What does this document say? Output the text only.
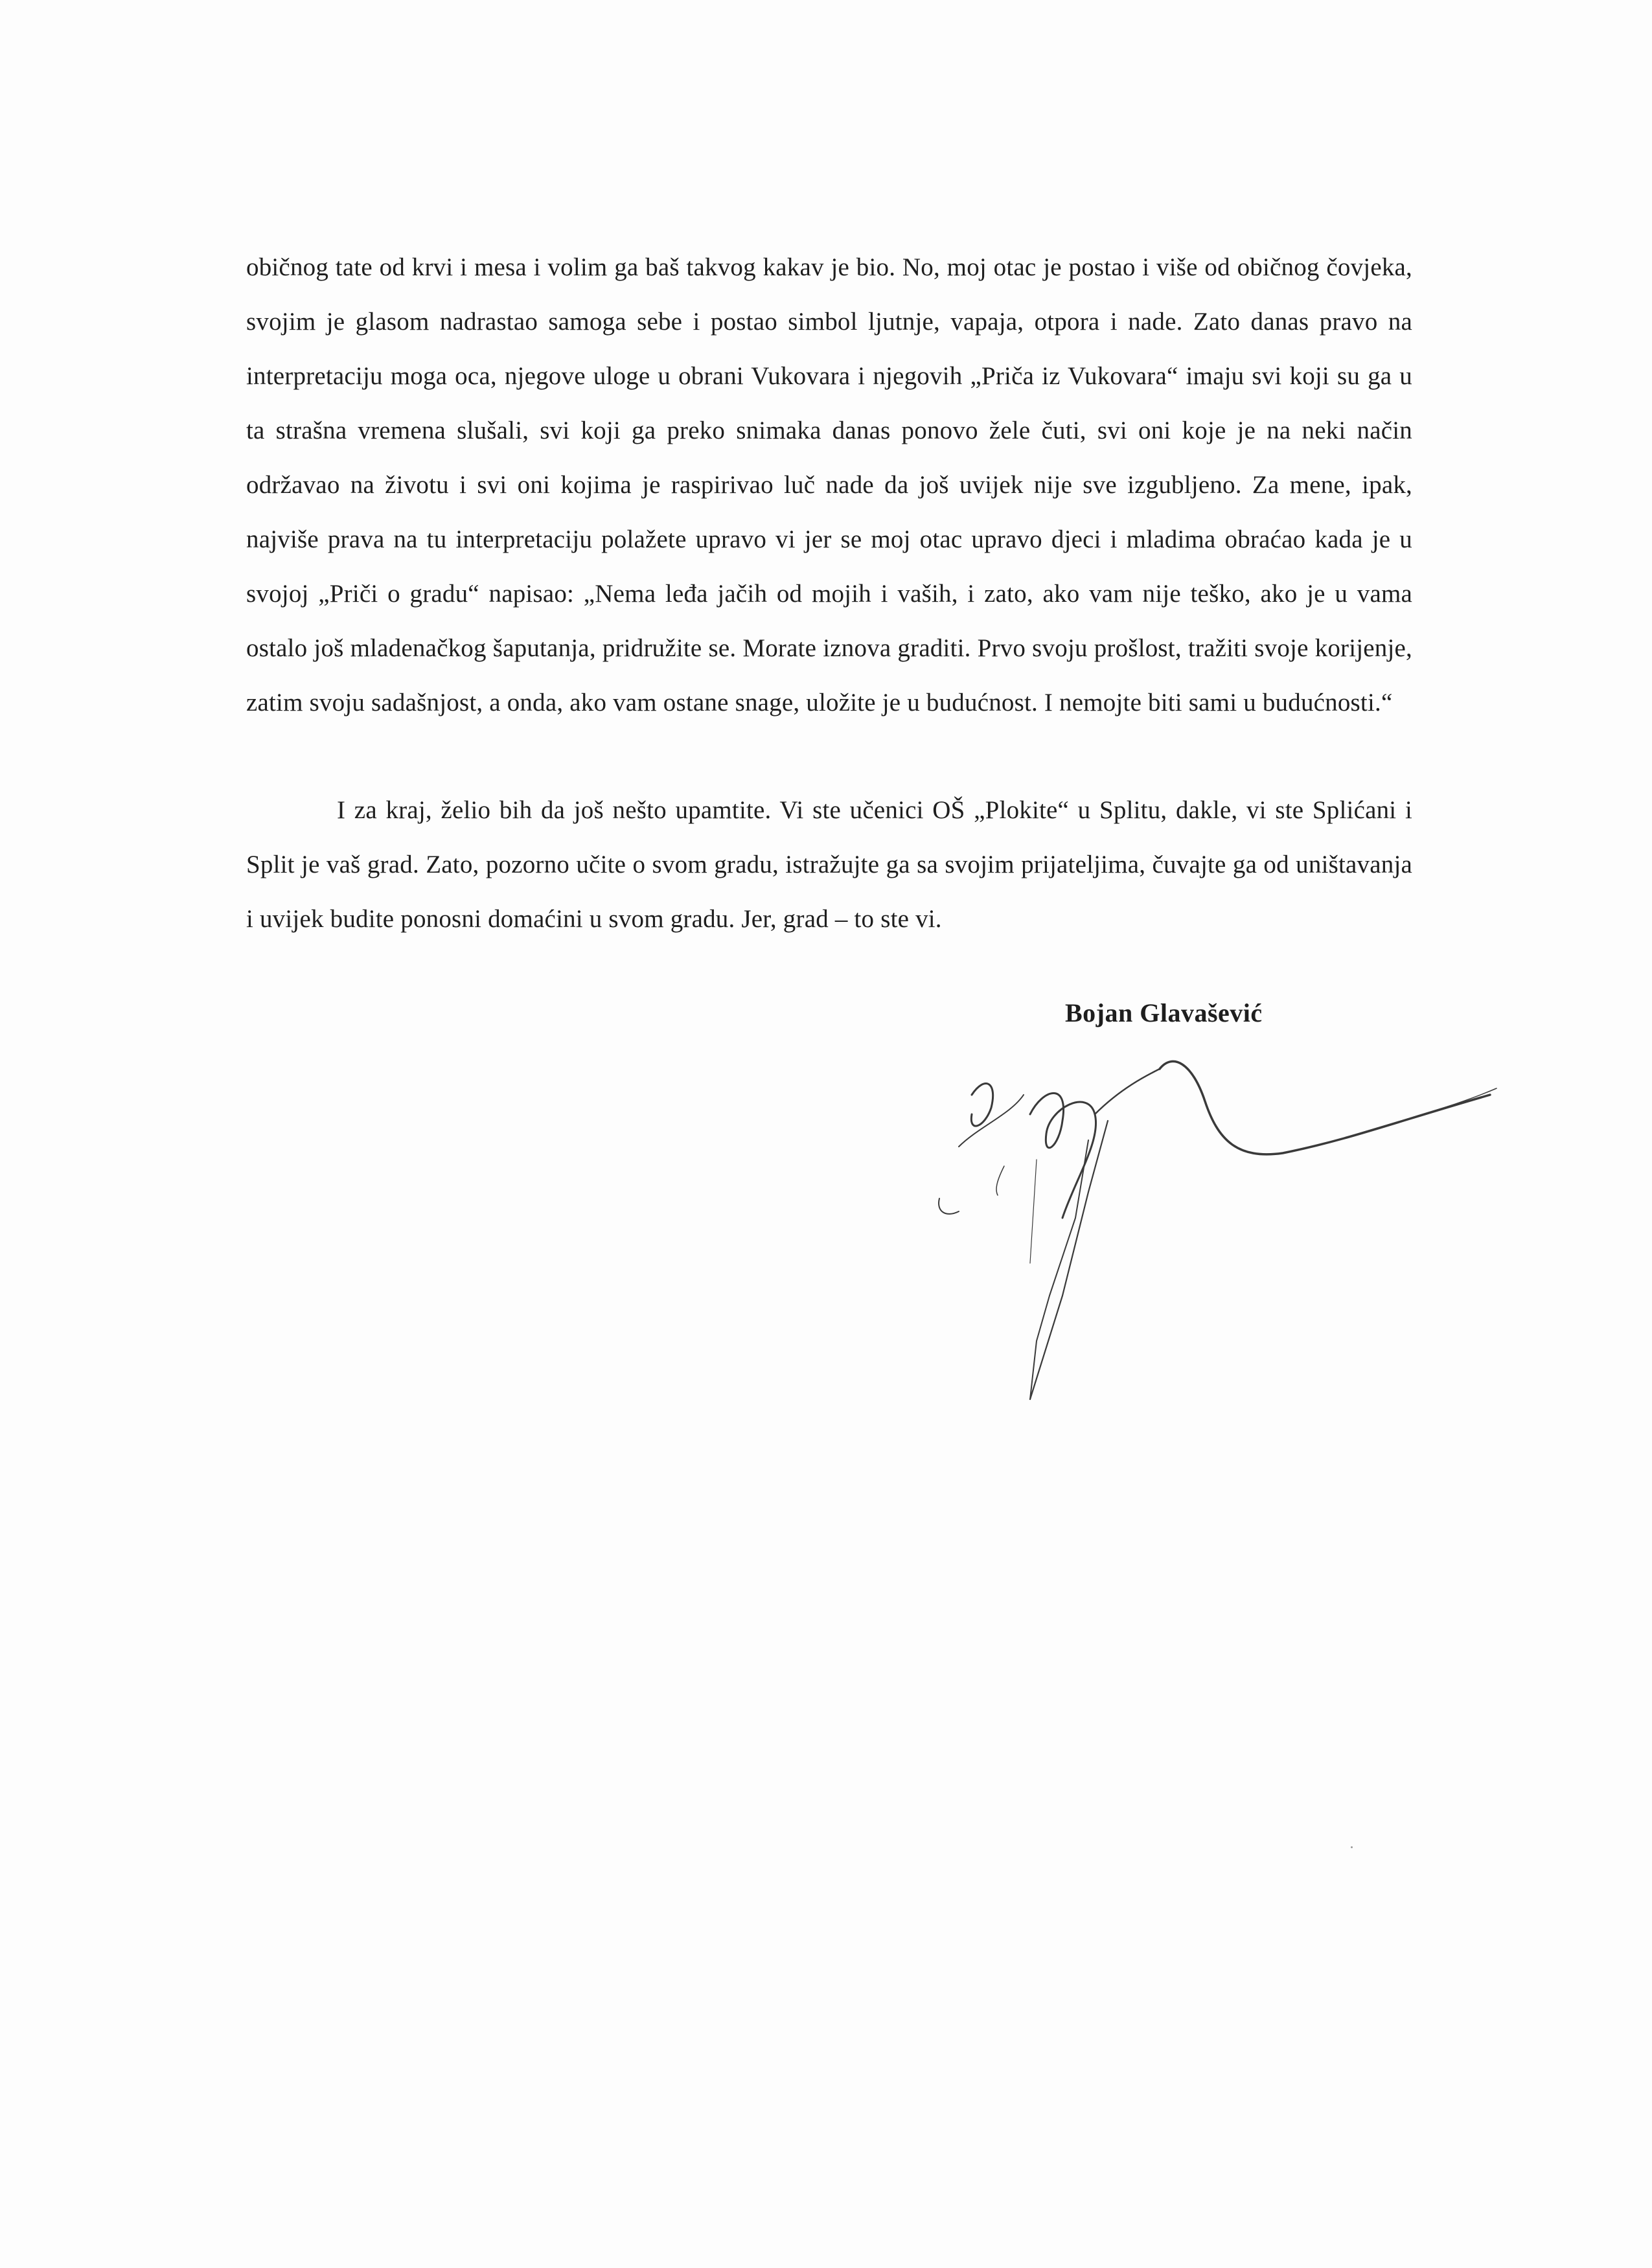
običnog tate od krvi i mesa i volim ga baš takvog kakav je bio. No, moj otac je postao i više od običnog čovjeka, svojim je glasom nadrastao samoga sebe i postao simbol ljutnje, vapaja, otpora i nade. Zato danas pravo na interpretaciju moga oca, njegove uloge u obrani Vukovara i njegovih „Priča iz Vukovara“ imaju svi koji su ga u ta strašna vremena slušali, svi koji ga preko snimaka danas ponovo žele čuti, svi oni koje je na neki način održavao na životu i svi oni kojima je raspirivao luč nade da još uvijek nije sve izgubljeno. Za mene, ipak, najviše prava na tu interpretaciju polažete upravo vi jer se moj otac upravo djeci i mladima obraćao kada je u svojoj „Priči o gradu“ napisao: „Nema leđa jačih od mojih i vaših, i zato, ako vam nije teško, ako je u vama ostalo još mladenačkog šaputanja, pridružite se. Morate iznova graditi. Prvo svoju prošlost, tražiti svoje korijenje, zatim svoju sadašnjost, a onda, ako vam ostane snage, uložite je u budućnost. I nemojte biti sami u budućnosti.“

I za kraj, želio bih da još nešto upamtite. Vi ste učenici OŠ „Plokite“ u Splitu, dakle, vi ste Splićani i Split je vaš grad. Zato, pozorno učite o svom gradu, istražujte ga sa svojim prijateljima, čuvajte ga od uništavanja i uvijek budite ponosni domaćini u svom gradu. Jer, grad – to ste vi.

Bojan Glavašević
